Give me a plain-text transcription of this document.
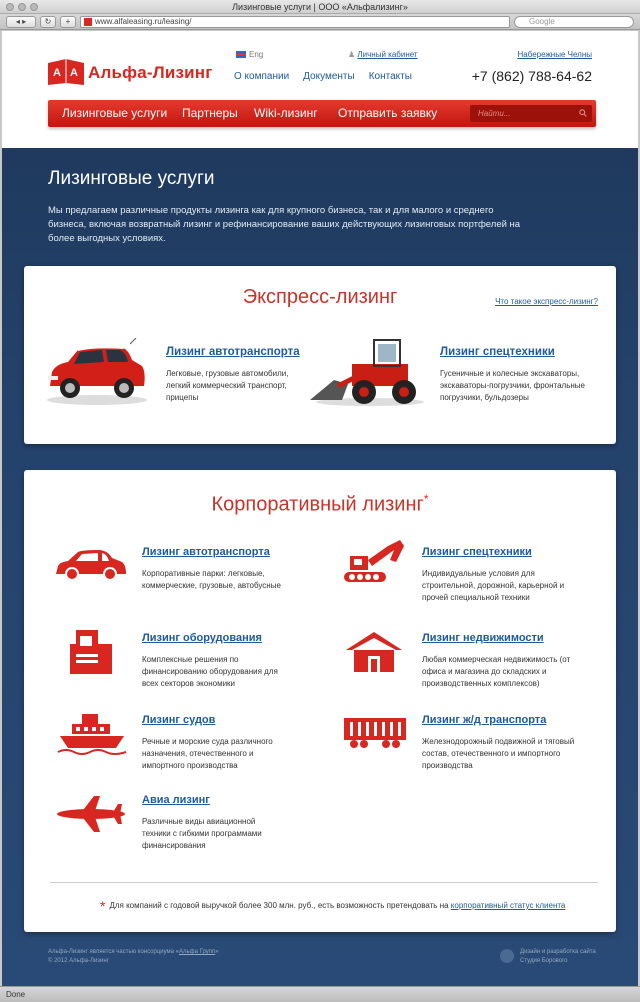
Лизинговые услуги | ООО «Альфализинг»
◂ ▸	↻	+	www.alfaleasing.ru/leasing/	Google
A A Альфа-Лизинг
Eng	♟ Личный кабинет	Набережные Челны
О компании Документы Контакты	+7 (862) 788-64-62
Лизинговые услуги Партнеры Wiki-лизинг Отправить заявку	Найти...
Лизинговые услуги
Мы предлагаем различные продукты лизинга как для крупного бизнеса, так и для малого и среднего бизнеса, включая возвратный лизинг и рефинансирование ваших действующих лизинговых портфелей на более выгодных условиях.
Экспресс-лизинг	Что такое экспресс-лизинг?
Лизинг автотранспорта
Легковые, грузовые автомобили, легкий коммерческий транспорт, прицепы
Лизинг спецтехники
Гусеничные и колесные экскаваторы, экскаваторы-погрузчики, фронтальные погрузчики, бульдозеры
Корпоративный лизинг*
Лизинг автотранспорта
Корпоративные парки: легковые, коммерческие, грузовые, автобусные
Лизинг спецтехники
Индивидуальные условия для строительной, дорожной, карьерной и прочей специальной техники
Лизинг оборудования
Комплексные решения по финансированию оборудования для всех секторов экономики
Лизинг недвижимости
Любая коммерческая недвижимость (от офиса и магазина до складских и производственных комплексов)
Лизинг судов
Речные и морские суда различного назначения, отечественного и импортного производства
Лизинг ж/д транспорта
Железнодорожный подвижной и тяговый состав, отечественного и импортного производства
Авиа лизинг
Различные виды авиационной техники с гибкими программами финансирования
* Для компаний с годовой выручкой более 300 млн. руб., есть возможность претендовать на корпоративный статус клиента
Альфа-Лизинг является частью консорциума «Альфа Групп»
© 2012 Альфа-Лизинг
Дизайн и разработка сайта
Студия Борового
Done
